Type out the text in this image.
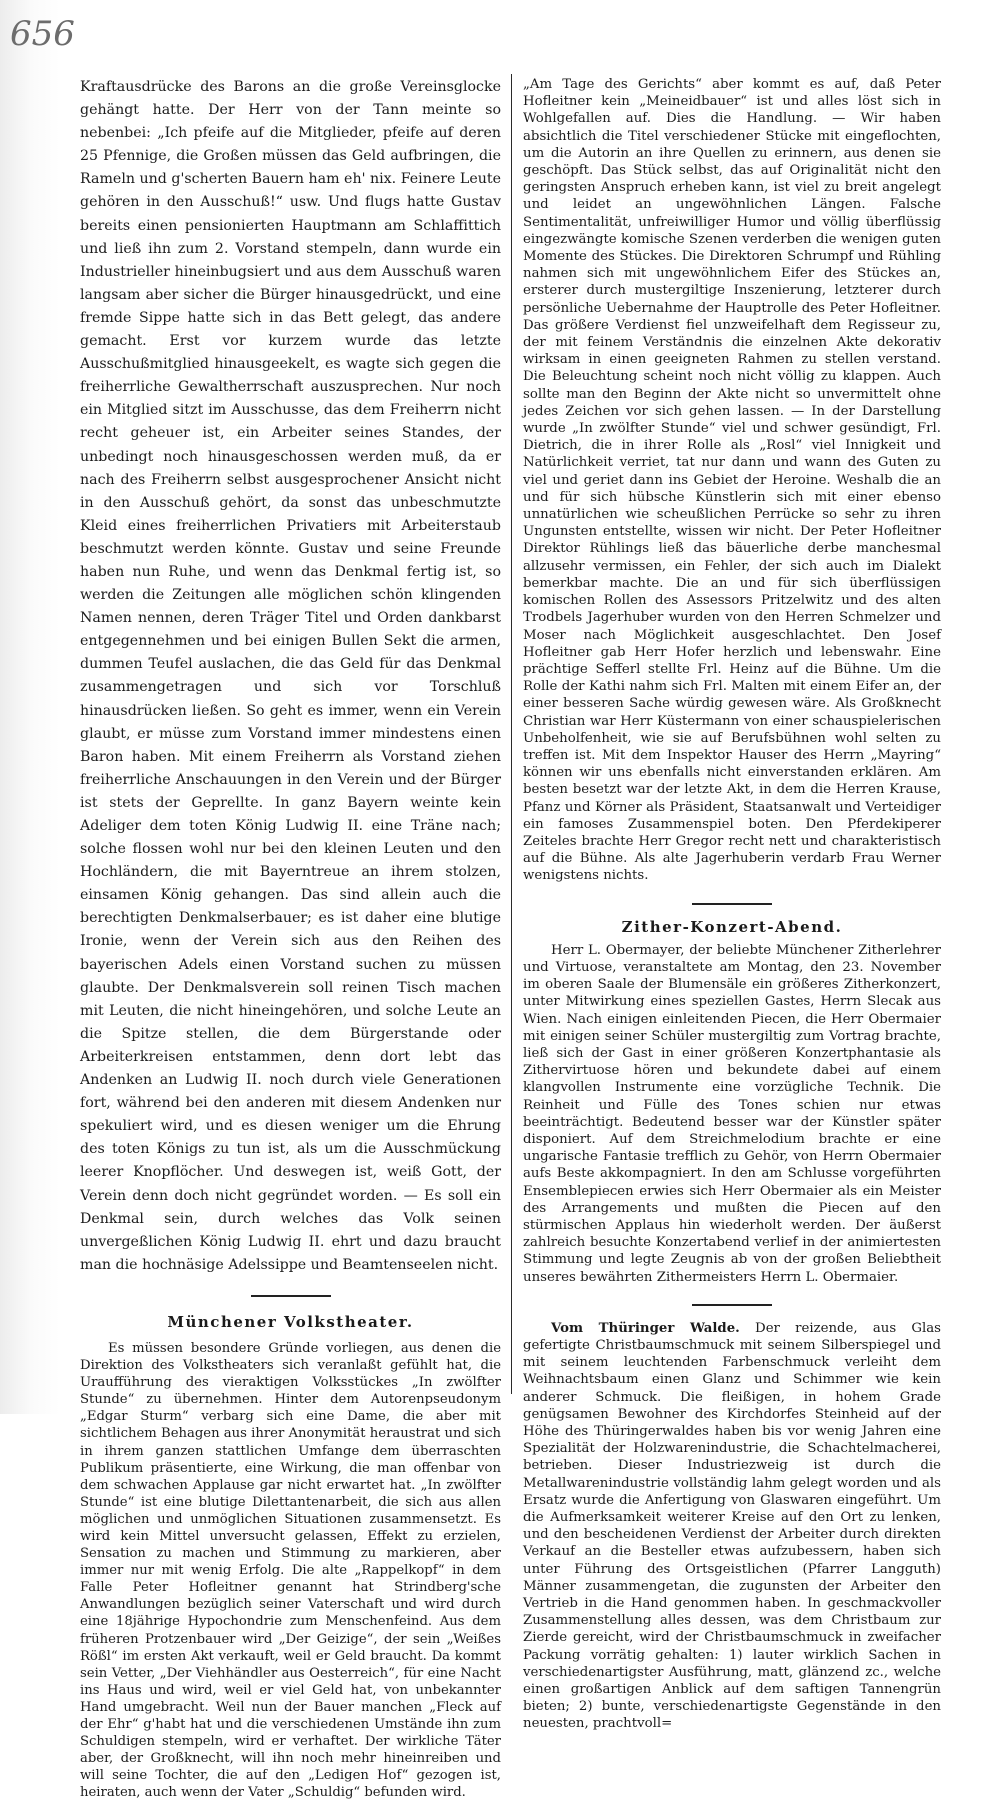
656

Kraftausdrücke des Barons an die große Vereinsglocke gehängt hatte. Der Herr von der Tann meinte so nebenbei: „Ich pfeife auf die Mitglieder, pfeife auf deren 25 Pfennige, die Großen müssen das Geld aufbringen, die Rameln und g'scherten Bauern ham eh' nix. Feinere Leute gehören in den Ausschuß!“ usw. Und flugs hatte Gustav bereits einen pensionierten Hauptmann am Schlaffittich und ließ ihn zum 2. Vorstand stempeln, dann wurde ein Industrieller hineinbugsiert und aus dem Ausschuß waren langsam aber sicher die Bürger hinausgedrückt, und eine fremde Sippe hatte sich in das Bett gelegt, das andere gemacht. Erst vor kurzem wurde das letzte Ausschußmitglied hinausgeekelt, es wagte sich gegen die freiherrliche Gewaltherrschaft auszusprechen. Nur noch ein Mitglied sitzt im Ausschusse, das dem Freiherrn nicht recht geheuer ist, ein Arbeiter seines Standes, der unbedingt noch hinausgeschossen werden muß, da er nach des Freiherrn selbst ausgesprochener Ansicht nicht in den Ausschuß gehört, da sonst das unbeschmutzte Kleid eines freiherrlichen Privatiers mit Arbeiterstaub beschmutzt werden könnte. Gustav und seine Freunde haben nun Ruhe, und wenn das Denkmal fertig ist, so werden die Zeitungen alle möglichen schön klingenden Namen nennen, deren Träger Titel und Orden dankbarst entgegennehmen und bei einigen Bullen Sekt die armen, dummen Teufel auslachen, die das Geld für das Denkmal zusammengetragen und sich vor Torschluß hinausdrücken ließen. So geht es immer, wenn ein Verein glaubt, er müsse zum Vorstand immer mindestens einen Baron haben. Mit einem Freiherrn als Vorstand ziehen freiherrliche Anschauungen in den Verein und der Bürger ist stets der Geprellte. In ganz Bayern weinte kein Adeliger dem toten König Ludwig II. eine Träne nach; solche flossen wohl nur bei den kleinen Leuten und den Hochländern, die mit Bayerntreue an ihrem stolzen, einsamen König gehangen. Das sind allein auch die berechtigten Denkmalserbauer; es ist daher eine blutige Ironie, wenn der Verein sich aus den Reihen des bayerischen Adels einen Vorstand suchen zu müssen glaubte. Der Denkmalsverein soll reinen Tisch machen mit Leuten, die nicht hineingehören, und solche Leute an die Spitze stellen, die dem Bürgerstande oder Arbeiterkreisen entstammen, denn dort lebt das Andenken an Ludwig II. noch durch viele Generationen fort, während bei den anderen mit diesem Andenken nur spekuliert wird, und es diesen weniger um die Ehrung des toten Königs zu tun ist, als um die Ausschmückung leerer Knopflöcher. Und deswegen ist, weiß Gott, der Verein denn doch nicht gegründet worden. — Es soll ein Denkmal sein, durch welches das Volk seinen unvergeßlichen König Ludwig II. ehrt und dazu braucht man die hochnäsige Adelssippe und Beamtenseelen nicht.

Münchener Volkstheater.

Es müssen besondere Gründe vorliegen, aus denen die Direktion des Volkstheaters sich veranlaßt gefühlt hat, die Uraufführung des vieraktigen Volksstückes „In zwölfter Stunde“ zu übernehmen. Hinter dem Autorenpseudonym „Edgar Sturm“ verbarg sich eine Dame, die aber mit sichtlichem Behagen aus ihrer Anonymität heraustrat und sich in ihrem ganzen stattlichen Umfange dem überraschten Publikum präsentierte, eine Wirkung, die man offenbar von dem schwachen Applause gar nicht erwartet hat. „In zwölfter Stunde“ ist eine blutige Dilettantenarbeit, die sich aus allen möglichen und unmöglichen Situationen zusammensetzt. Es wird kein Mittel unversucht gelassen, Effekt zu erzielen, Sensation zu machen und Stimmung zu markieren, aber immer nur mit wenig Erfolg. Die alte „Rappelkopf“ in dem Falle Peter Hofleitner genannt hat Strindberg'sche Anwandlungen bezüglich seiner Vaterschaft und wird durch eine 18jährige Hypochondrie zum Menschenfeind. Aus dem früheren Protzenbauer wird „Der Geizige“, der sein „Weißes Rößl“ im ersten Akt verkauft, weil er Geld braucht. Da kommt sein Vetter, „Der Viehhändler aus Oesterreich“, für eine Nacht ins Haus und wird, weil er viel Geld hat, von unbekannter Hand umgebracht. Weil nun der Bauer manchen „Fleck auf der Ehr“ g'habt hat und die verschiedenen Umstände ihn zum Schuldigen stempeln, wird er verhaftet. Der wirkliche Täter aber, der Großknecht, will ihn noch mehr hineinreiben und will seine Tochter, die auf den „Ledigen Hof“ gezogen ist, heiraten, auch wenn der Vater „Schuldig“ befunden wird.

„Am Tage des Gerichts“ aber kommt es auf, daß Peter Hofleitner kein „Meineidbauer“ ist und alles löst sich in Wohlgefallen auf. Dies die Handlung. — Wir haben absichtlich die Titel verschiedener Stücke mit eingeflochten, um die Autorin an ihre Quellen zu erinnern, aus denen sie geschöpft. Das Stück selbst, das auf Originalität nicht den geringsten Anspruch erheben kann, ist viel zu breit angelegt und leidet an ungewöhnlichen Längen. Falsche Sentimentalität, unfreiwilliger Humor und völlig überflüssig eingezwängte komische Szenen verderben die wenigen guten Momente des Stückes. Die Direktoren Schrumpf und Rühling nahmen sich mit ungewöhnlichem Eifer des Stückes an, ersterer durch mustergiltige Inszenierung, letzterer durch persönliche Uebernahme der Hauptrolle des Peter Hofleitner. Das größere Verdienst fiel unzweifelhaft dem Regisseur zu, der mit feinem Verständnis die einzelnen Akte dekorativ wirksam in einen geeigneten Rahmen zu stellen verstand. Die Beleuchtung scheint noch nicht völlig zu klappen. Auch sollte man den Beginn der Akte nicht so unvermittelt ohne jedes Zeichen vor sich gehen lassen. — In der Darstellung wurde „In zwölfter Stunde“ viel und schwer gesündigt, Frl. Dietrich, die in ihrer Rolle als „Rosl“ viel Innigkeit und Natürlichkeit verriet, tat nur dann und wann des Guten zu viel und geriet dann ins Gebiet der Heroine. Weshalb die an und für sich hübsche Künstlerin sich mit einer ebenso unnatürlichen wie scheußlichen Perrücke so sehr zu ihren Ungunsten entstellte, wissen wir nicht. Der Peter Hofleitner Direktor Rühlings ließ das bäuerliche derbe manchesmal allzusehr vermissen, ein Fehler, der sich auch im Dialekt bemerkbar machte. Die an und für sich überflüssigen komischen Rollen des Assessors Pritzelwitz und des alten Trodbels Jagerhuber wurden von den Herren Schmelzer und Moser nach Möglichkeit ausgeschlachtet. Den Josef Hofleitner gab Herr Hofer herzlich und lebenswahr. Eine prächtige Sefferl stellte Frl. Heinz auf die Bühne. Um die Rolle der Kathi nahm sich Frl. Malten mit einem Eifer an, der einer besseren Sache würdig gewesen wäre. Als Großknecht Christian war Herr Küstermann von einer schauspielerischen Unbeholfenheit, wie sie auf Berufsbühnen wohl selten zu treffen ist. Mit dem Inspektor Hauser des Herrn „Mayring“ können wir uns ebenfalls nicht einverstanden erklären. Am besten besetzt war der letzte Akt, in dem die Herren Krause, Pfanz und Körner als Präsident, Staatsanwalt und Verteidiger ein famoses Zusammenspiel boten. Den Pferdekiperer Zeiteles brachte Herr Gregor recht nett und charakteristisch auf die Bühne. Als alte Jagerhuberin verdarb Frau Werner wenigstens nichts.

Zither-Konzert-Abend.

Herr L. Obermayer, der beliebte Münchener Zitherlehrer und Virtuose, veranstaltete am Montag, den 23. November im oberen Saale der Blumensäle ein größeres Zitherkonzert, unter Mitwirkung eines speziellen Gastes, Herrn Slecak aus Wien. Nach einigen einleitenden Piecen, die Herr Obermaier mit einigen seiner Schüler mustergiltig zum Vortrag brachte, ließ sich der Gast in einer größeren Konzertphantasie als Zithervirtuose hören und bekundete dabei auf einem klangvollen Instrumente eine vorzügliche Technik. Die Reinheit und Fülle des Tones schien nur etwas beeinträchtigt. Bedeutend besser war der Künstler später disponiert. Auf dem Streichmelodium brachte er eine ungarische Fantasie trefflich zu Gehör, von Herrn Obermaier aufs Beste akkompagniert. In den am Schlusse vorgeführten Ensemblepiecen erwies sich Herr Obermaier als ein Meister des Arrangements und mußten die Piecen auf den stürmischen Applaus hin wiederholt werden. Der äußerst zahlreich besuchte Konzertabend verlief in der animiertesten Stimmung und legte Zeugnis ab von der großen Beliebtheit unseres bewährten Zithermeisters Herrn L. Obermaier.

Vom Thüringer Walde. Der reizende, aus Glas gefertigte Christbaumschmuck mit seinem Silberspiegel und mit seinem leuchtenden Farbenschmuck verleiht dem Weihnachtsbaum einen Glanz und Schimmer wie kein anderer Schmuck. Die fleißigen, in hohem Grade genügsamen Bewohner des Kirchdorfes Steinheid auf der Höhe des Thüringerwaldes haben bis vor wenig Jahren eine Spezialität der Holzwarenindustrie, die Schachtelmacherei, betrieben. Dieser Industriezweig ist durch die Metallwarenindustrie vollständig lahm gelegt worden und als Ersatz wurde die Anfertigung von Glaswaren eingeführt. Um die Aufmerksamkeit weiterer Kreise auf den Ort zu lenken, und den bescheidenen Verdienst der Arbeiter durch direkten Verkauf an die Besteller etwas aufzubessern, haben sich unter Führung des Ortsgeistlichen (Pfarrer Langguth) Männer zusammengetan, die zugunsten der Arbeiter den Vertrieb in die Hand genommen haben. In geschmackvoller Zusammenstellung alles dessen, was dem Christbaum zur Zierde gereicht, wird der Christbaumschmuck in zweifacher Packung vorrätig gehalten: 1) lauter wirklich Sachen in verschiedenartigster Ausführung, matt, glänzend zc., welche einen großartigen Anblick auf dem saftigen Tannengrün bieten; 2) bunte, verschiedenartigste Gegenstände in den neuesten, prachtvoll=
